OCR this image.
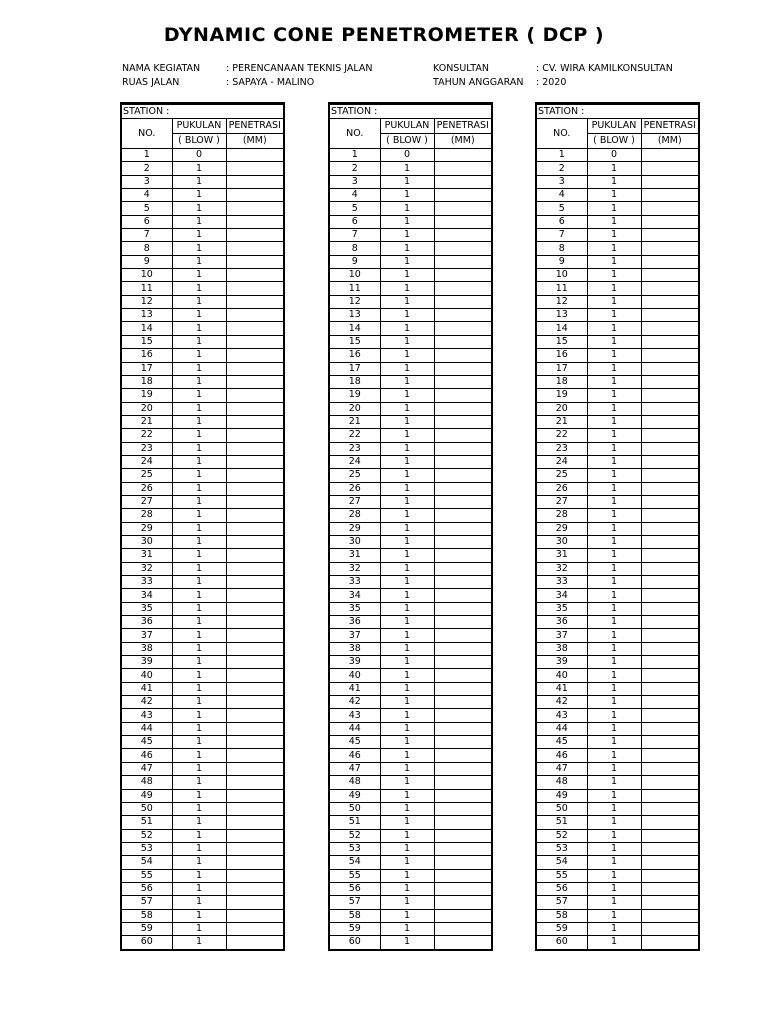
DYNAMIC CONE PENETROMETER ( DCP )
NAMA KEGIATAN	: PERENCANAAN TEKNIS JALAN
RUAS JALAN	: SAPAYA - MALINO
KONSULTAN	: CV. WIRA KAMILKONSULTAN
TAHUN ANGGARAN	: 2020
STATION :		
NO.	PUKULAN	PENETRASI
	( BLOW )	(MM)
1	0	
2	1	
3	1	
4	1	
5	1	
6	1	
7	1	
8	1	
9	1	
10	1	
11	1	
12	1	
13	1	
14	1	
15	1	
16	1	
17	1	
18	1	
19	1	
20	1	
21	1	
22	1	
23	1	
24	1	
25	1	
26	1	
27	1	
28	1	
29	1	
30	1	
31	1	
32	1	
33	1	
34	1	
35	1	
36	1	
37	1	
38	1	
39	1	
40	1	
41	1	
42	1	
43	1	
44	1	
45	1	
46	1	
47	1	
48	1	
49	1	
50	1	
51	1	
52	1	
53	1	
54	1	
55	1	
56	1	
57	1	
58	1	
59	1	
60	1	
STATION :		
NO.	PUKULAN	PENETRASI
	( BLOW )	(MM)
1	0	
2	1	
3	1	
4	1	
5	1	
6	1	
7	1	
8	1	
9	1	
10	1	
11	1	
12	1	
13	1	
14	1	
15	1	
16	1	
17	1	
18	1	
19	1	
20	1	
21	1	
22	1	
23	1	
24	1	
25	1	
26	1	
27	1	
28	1	
29	1	
30	1	
31	1	
32	1	
33	1	
34	1	
35	1	
36	1	
37	1	
38	1	
39	1	
40	1	
41	1	
42	1	
43	1	
44	1	
45	1	
46	1	
47	1	
48	1	
49	1	
50	1	
51	1	
52	1	
53	1	
54	1	
55	1	
56	1	
57	1	
58	1	
59	1	
60	1	
STATION :		
NO.	PUKULAN	PENETRASI
	( BLOW )	(MM)
1	0	
2	1	
3	1	
4	1	
5	1	
6	1	
7	1	
8	1	
9	1	
10	1	
11	1	
12	1	
13	1	
14	1	
15	1	
16	1	
17	1	
18	1	
19	1	
20	1	
21	1	
22	1	
23	1	
24	1	
25	1	
26	1	
27	1	
28	1	
29	1	
30	1	
31	1	
32	1	
33	1	
34	1	
35	1	
36	1	
37	1	
38	1	
39	1	
40	1	
41	1	
42	1	
43	1	
44	1	
45	1	
46	1	
47	1	
48	1	
49	1	
50	1	
51	1	
52	1	
53	1	
54	1	
55	1	
56	1	
57	1	
58	1	
59	1	
60	1	
